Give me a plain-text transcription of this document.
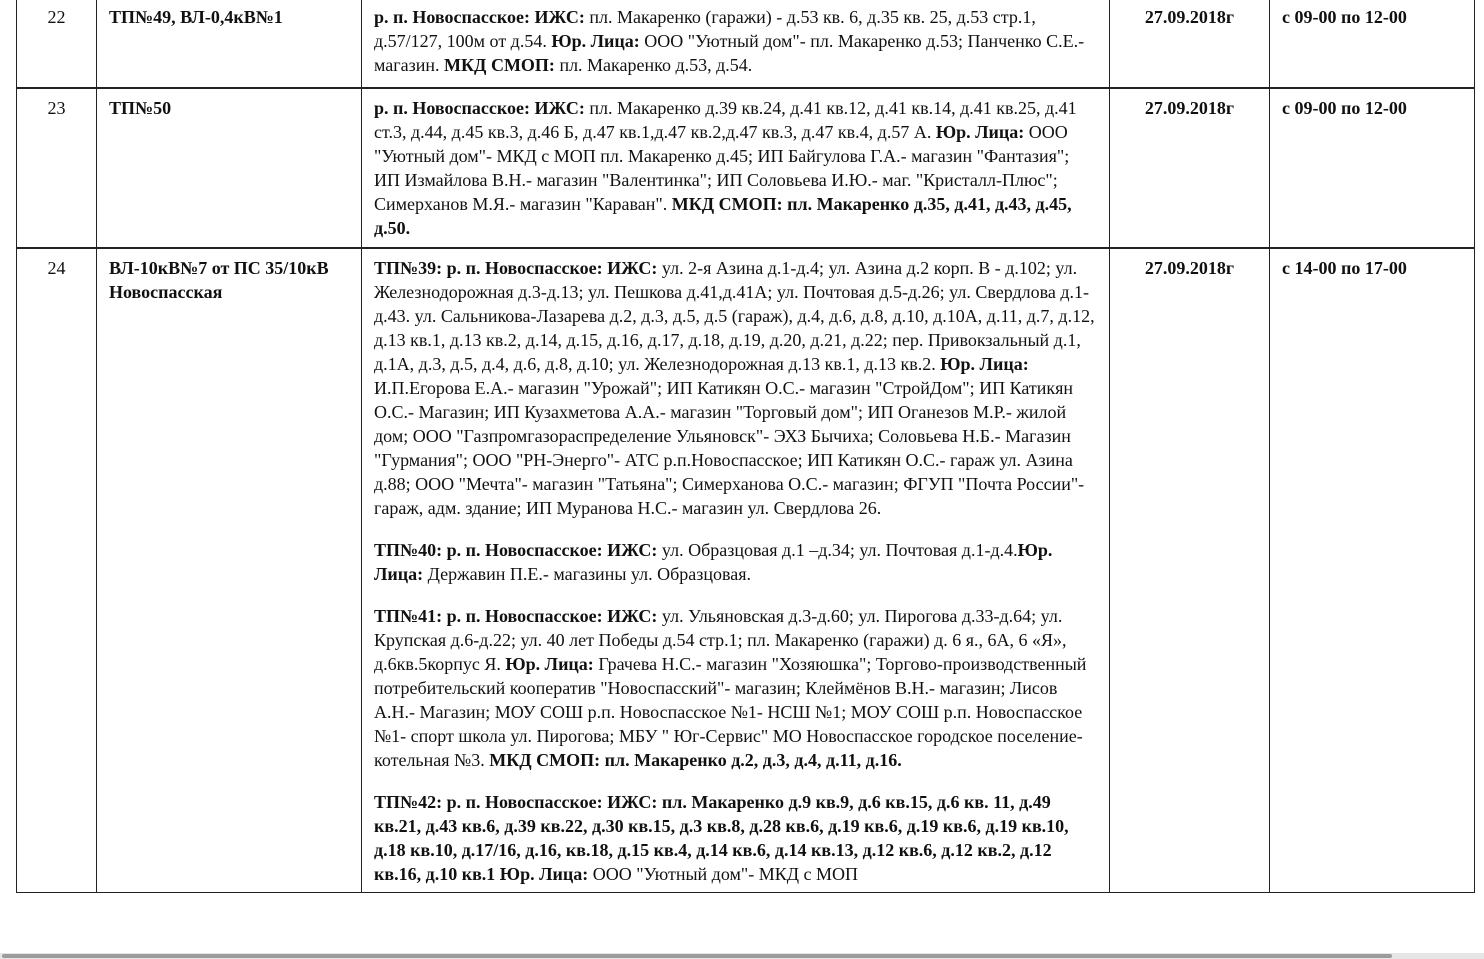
22	ТП№49, ВЛ-0,4кВ№1	р. п. Новоспасское: ИЖС: пл. Макаренко (гаражи) - д.53 кв. 6, д.35 кв. 25, д.53 стр.1, д.57/127, 100м от д.54. Юр. Лица: ООО "Уютный дом"- пл. Макаренко д.53; Панченко С.Е.- магазин. МКД СМОП: пл. Макаренко д.53, д.54.	27.09.2018г	с 09-00 по 12-00
23	ТП№50	р. п. Новоспасское: ИЖС: пл. Макаренко д.39 кв.24, д.41 кв.12, д.41 кв.14, д.41 кв.25, д.41 ст.3, д.44, д.45 кв.3, д.46 Б, д.47 кв.1,д.47 кв.2,д.47 кв.3, д.47 кв.4, д.57 А. Юр. Лица: ООО "Уютный дом"- МКД с МОП пл. Макаренко д.45; ИП Байгулова Г.А.- магазин "Фантазия"; ИП Измайлова В.Н.- магазин "Валентинка"; ИП Соловьева И.Ю.- маг. "Кристалл-Плюс"; Симерханов М.Я.- магазин "Караван". МКД СМОП: пл. Макаренко д.35, д.41, д.43, д.45, д.50.	27.09.2018г	с 09-00 по 12-00
24	ВЛ-10кВ№7 от ПС 35/10кВ Новоспасская	ТП№39: р. п. Новоспасское: ИЖС: ул. 2-я Азина д.1-д.4; ул. Азина д.2 корп. В - д.102; ул. Железнодорожная д.3-д.13; ул. Пешкова д.41,д.41А; ул. Почтовая д.5-д.26; ул. Свердлова д.1-д.43. ул. Сальникова-Лазарева д.2, д.3, д.5, д.5 (гараж), д.4, д.6, д.8, д.10, д.10А, д.11, д.7, д.12, д.13 кв.1, д.13 кв.2, д.14, д.15, д.16, д.17, д.18, д.19, д.20, д.21, д.22; пер. Привокзальный д.1, д.1А, д.3, д.5, д.4, д.6, д.8, д.10; ул. Железнодорожная д.13 кв.1, д.13 кв.2. Юр. Лица: И.П.Егорова Е.А.- магазин "Урожай"; ИП Катикян О.С.- магазин "СтройДом"; ИП Катикян О.С.- Магазин; ИП Кузахметова А.А.- магазин "Торговый дом"; ИП Оганезов М.Р.- жилой дом; ООО "Газпромгазораспределение Ульяновск"- ЭХЗ Бычиха; Соловьева Н.Б.- Магазин "Гурмания"; ООО "РН-Энерго"- АТС р.п.Новоспасское; ИП Катикян О.С.- гараж ул. Азина д.88; ООО "Мечта"- магазин "Татьяна"; Симерханова О.С.- магазин; ФГУП "Почта России"- гараж, адм. здание; ИП Муранова Н.С.- магазин ул. Свердлова 26.

ТП№40: р. п. Новоспасское: ИЖС: ул. Образцовая д.1 –д.34; ул. Почтовая д.1-д.4.Юр. Лица: Державин П.Е.- магазины ул. Образцовая.

ТП№41: р. п. Новоспасское: ИЖС: ул. Ульяновская д.3-д.60; ул. Пирогова д.33-д.64; ул. Крупская д.6-д.22; ул. 40 лет Победы д.54 стр.1; пл. Макаренко (гаражи) д. 6 я., 6А, 6 «Я», д.6кв.5корпус Я. Юр. Лица: Грачева Н.С.- магазин "Хозяюшка"; Торгово-производственный потребительский кооператив "Новоспасский"- магазин; Клеймёнов В.Н.- магазин; Лисов А.Н.- Магазин; МОУ СОШ р.п. Новоспасское №1- НСШ №1; МОУ СОШ р.п. Новоспасское №1- спорт школа ул. Пирогова; МБУ " Юг-Сервис" МО Новоспасское городское поселение- котельная №3. МКД СМОП: пл. Макаренко д.2, д.3, д.4, д.11, д.16.

ТП№42: р. п. Новоспасское: ИЖС: пл. Макаренко д.9 кв.9, д.6 кв.15, д.6 кв. 11, д.49 кв.21, д.43 кв.6, д.39 кв.22, д.30 кв.15, д.3 кв.8, д.28 кв.6, д.19 кв.6, д.19 кв.6, д.19 кв.10, д.18 кв.10, д.17/16, д.16, кв.18, д.15 кв.4, д.14 кв.6, д.14 кв.13, д.12 кв.6, д.12 кв.2, д.12 кв.16, д.10 кв.1 Юр. Лица: ООО "Уютный дом"- МКД с МОП	27.09.2018г	с 14-00 по 17-00
